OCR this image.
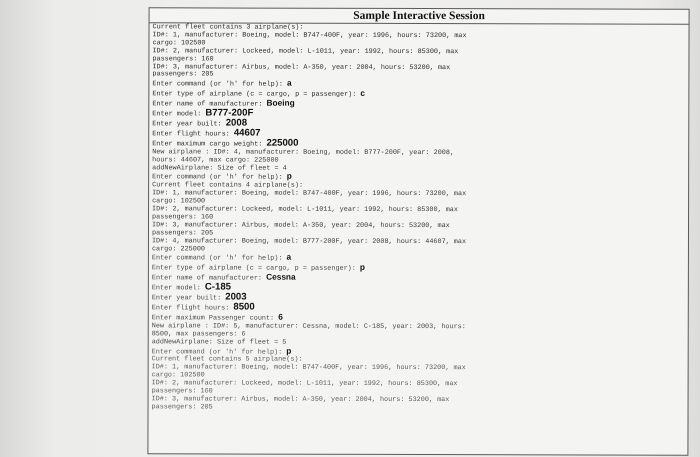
Sample Interactive Session
Current fleet contains 3 airplane(s):
ID#: 1, manufacturer: Boeing, model: B747-400F, year: 1996, hours: 73200, max
cargo: 102500
ID#: 2, manufacturer: Lockeed, model: L-1011, year: 1992, hours: 85300, max
passengers: 160
ID#: 3, manufacturer: Airbus, model: A-350, year: 2004, hours: 53200, max
passengers: 205
Enter command (or 'h' for help): a
Enter type of airplane (c = cargo, p = passenger): c
Enter name of manufacturer: Boeing
Enter model: B777-200F
Enter year built: 2008
Enter flight hours: 44607
Enter maximum cargo weight: 225000
New airplane : ID#: 4, manufacturer: Boeing, model: B777-200F, year: 2008,
hours: 44607, max cargo: 225000
addNewAirplane: Size of fleet = 4
Enter command (or 'h' for help): p
Current fleet contains 4 airplane(s):
ID#: 1, manufacturer: Boeing, model: B747-400F, year: 1996, hours: 73200, max
cargo: 102500
ID#: 2, manufacturer: Lockeed, model: L-1011, year: 1992, hours: 85300, max
passengers: 160
ID#: 3, manufacturer: Airbus, model: A-350, year: 2004, hours: 53200, max
passengers: 205
ID#: 4, manufacturer: Boeing, model: B777-200F, year: 2008, hours: 44607, max
cargo: 225000
Enter command (or 'h' for help): a
Enter type of airplane (c = cargo, p = passenger): p
Enter name of manufacturer: Cessna
Enter model: C-185
Enter year built: 2003
Enter flight hours: 8500
Enter maximum Passenger count: 6
New airplane : ID#: 5, manufacturer: Cessna, model: C-185, year: 2003, hours:
8500, max passengers: 6
addNewAirplane: Size of fleet = 5
Enter command (or 'h' for help): p
Current fleet contains 5 airplane(s):
ID#: 1, manufacturer: Boeing, model: B747-400F, year: 1996, hours: 73200, max
cargo: 102500
ID#: 2, manufacturer: Lockeed, model: L-1011, year: 1992, hours: 85300, max
passengers: 160
ID#: 3, manufacturer: Airbus, model: A-350, year: 2004, hours: 53200, max
passengers: 205
